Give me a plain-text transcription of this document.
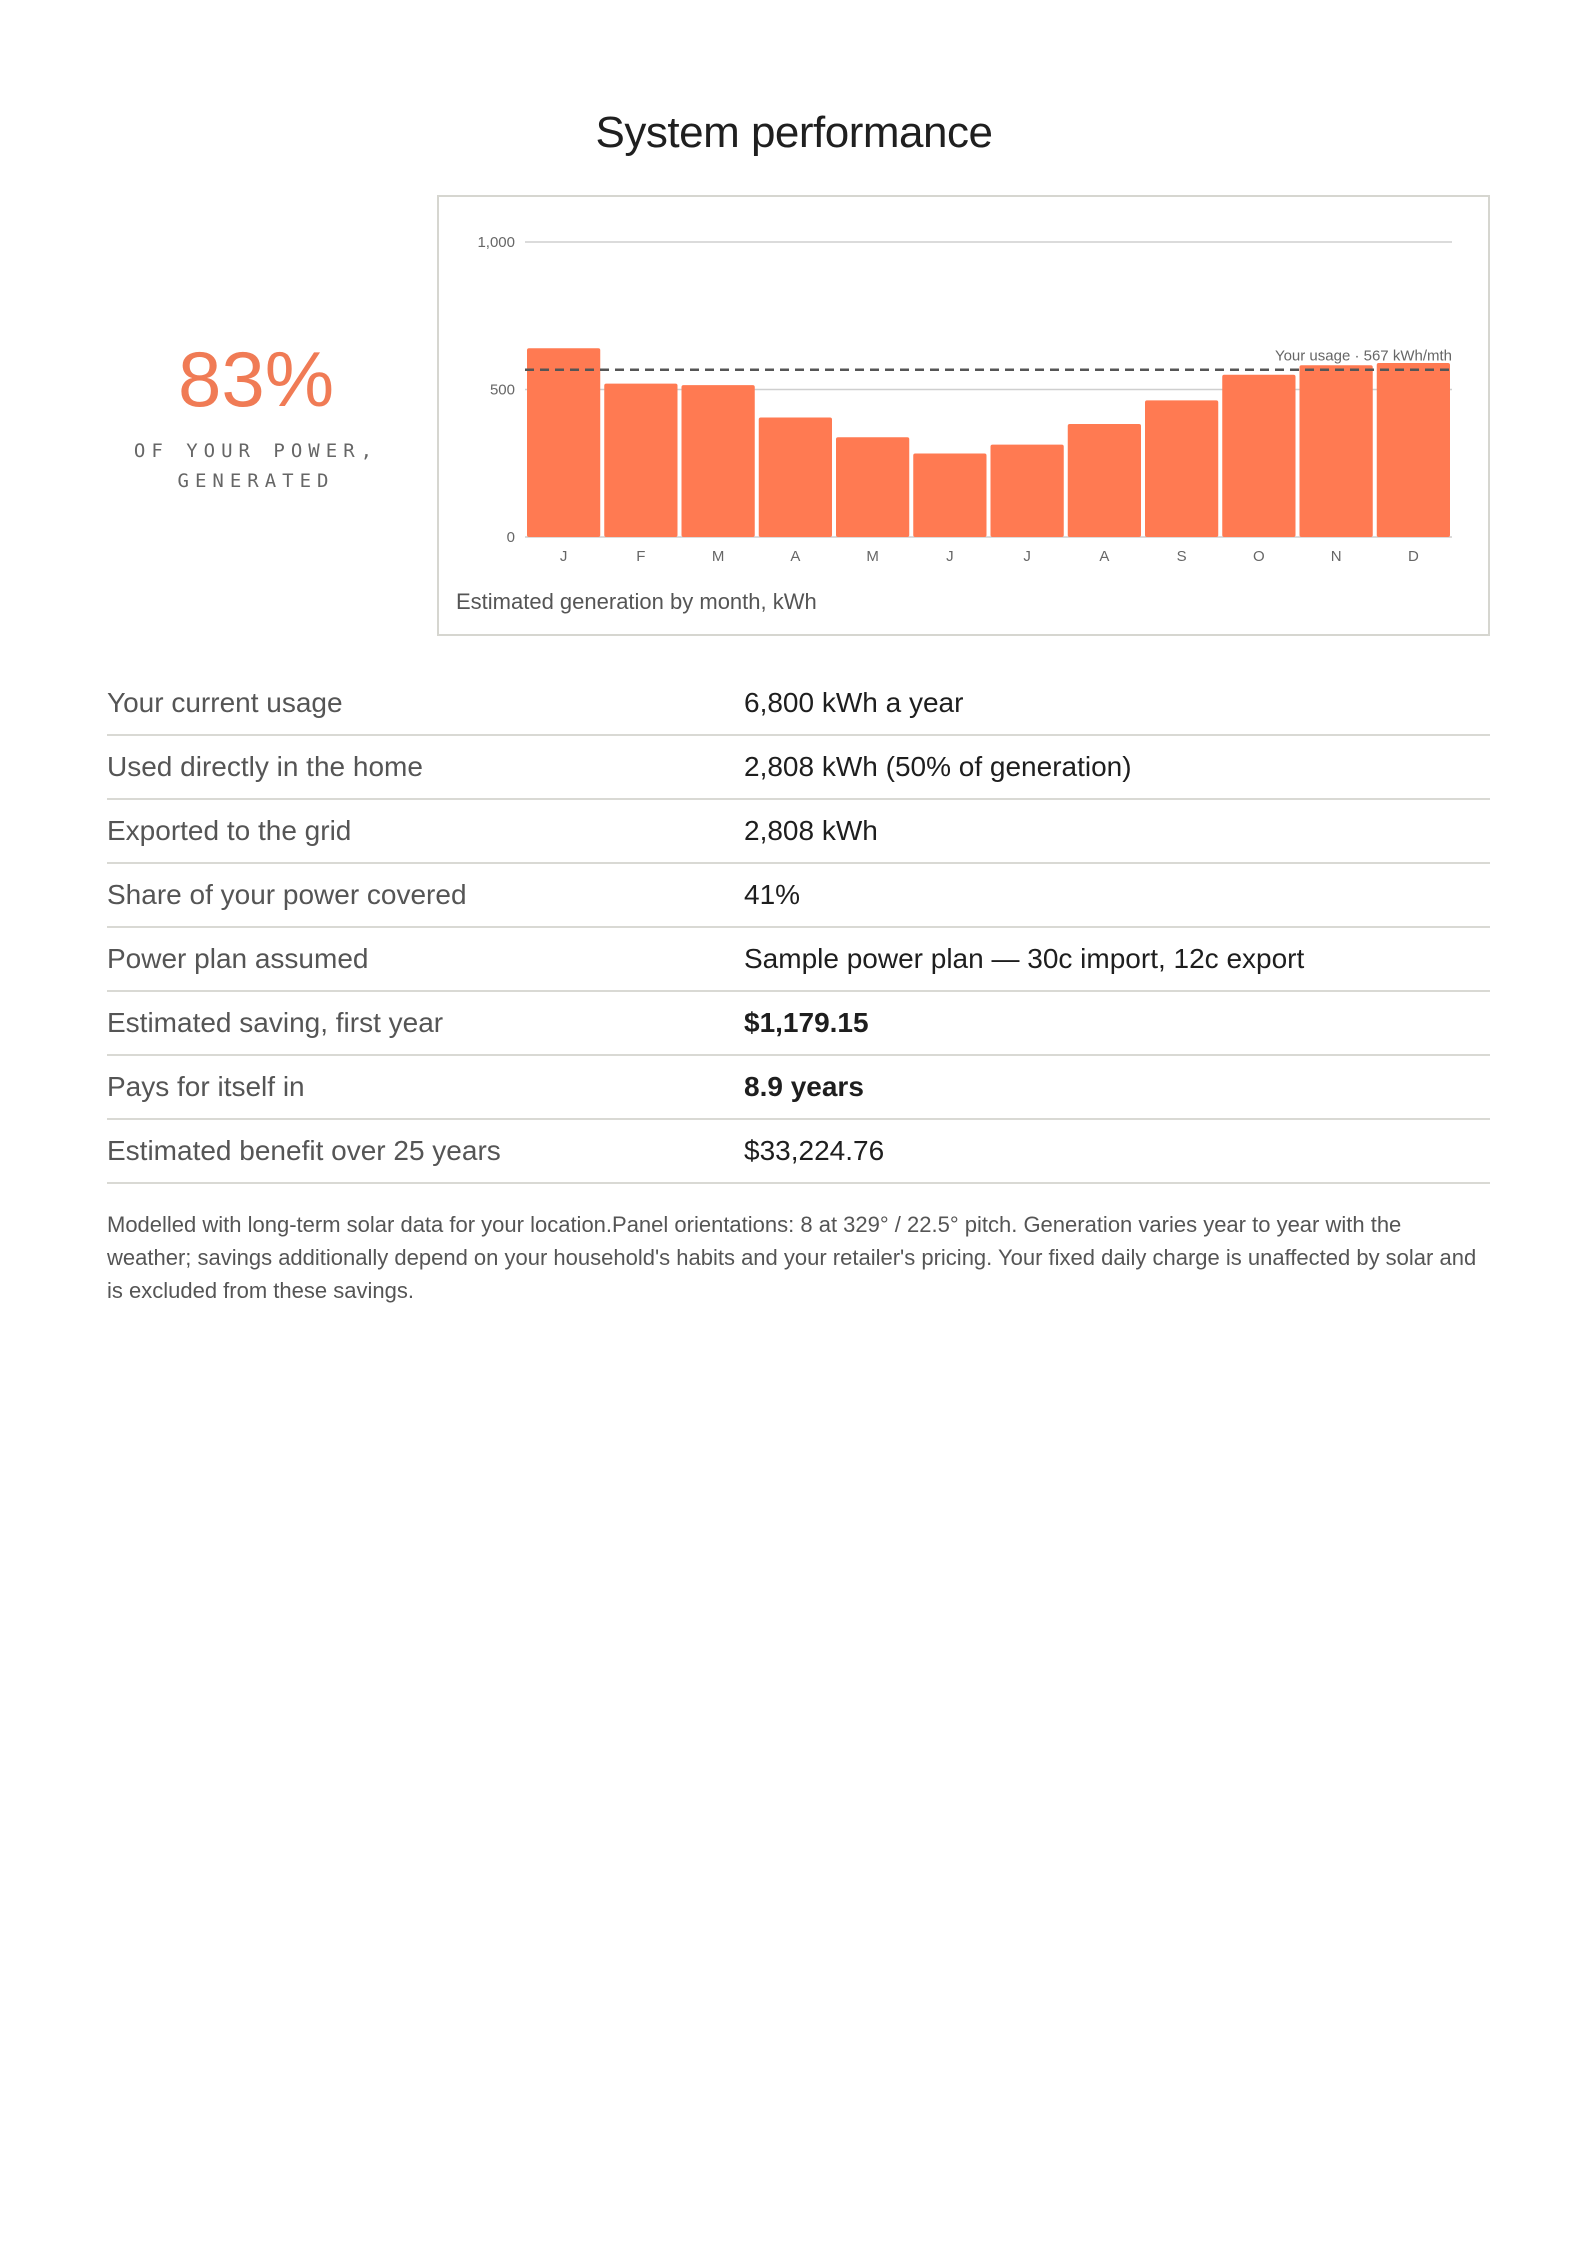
System performance
83%
OF YOUR POWER,
GENERATED
0
500
1,000
J	F	M	A	M	J	J	A	S	O	N	D
Your usage · 567 kWh/mth
Estimated generation by month, kWh
Your current usage	6,800 kWh a year
Used directly in the home	2,808 kWh (50% of generation)
Exported to the grid	2,808 kWh
Share of your power covered	41%
Power plan assumed	Sample power plan — 30c import, 12c export
Estimated saving, first year	$1,179.15
Pays for itself in	8.9 years
Estimated benefit over 25 years	$33,224.76
Modelled with long-term solar data for your location.Panel orientations: 8 at 329° / 22.5° pitch. Generation varies year to year with the weather; savings additionally depend on your household's habits and your retailer's pricing. Your fixed daily charge is unaffected by solar and is excluded from these savings.
